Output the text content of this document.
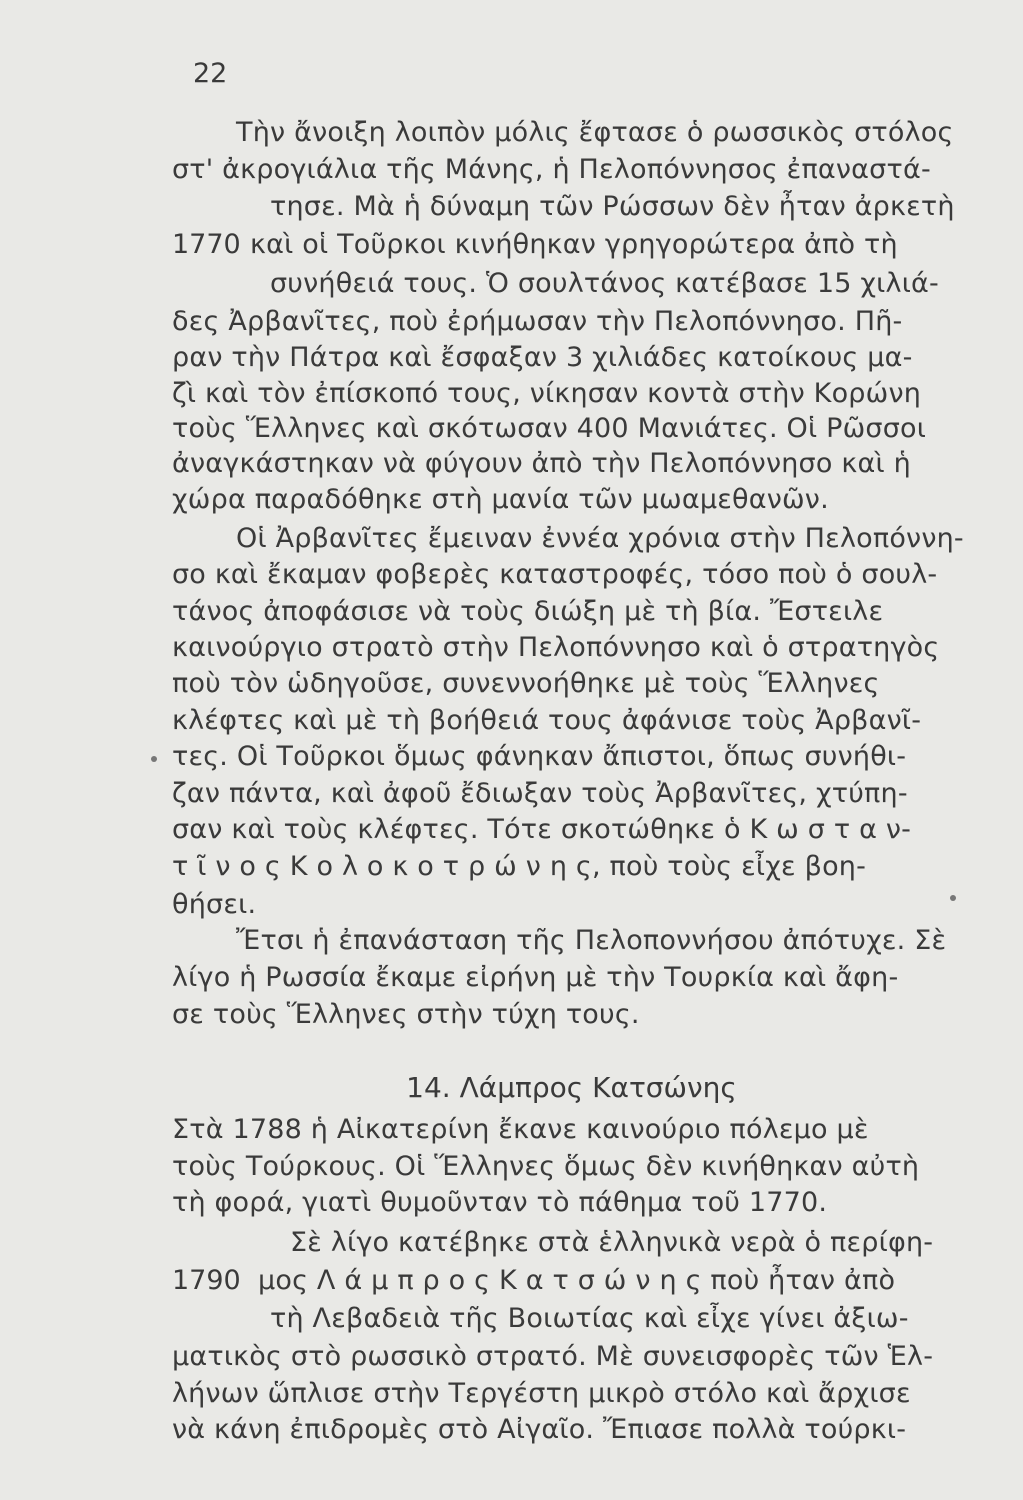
22
Τὴν ἄνοιξη λοιπὸν μόλις ἔφτασε ὁ ρωσσικὸς στόλος
στ' ἀκρογιάλια τῆς Μάνης, ἡ Πελοπόννησος ἐπαναστά-
τησε. Μὰ ἡ δύναμη τῶν Ρώσσων δὲν ἦταν ἀρκετὴ
1770 καὶ οἱ Τοῦρκοι κινήθηκαν γρηγορώτερα ἀπὸ τὴ
συνήθειά τους. Ὁ σουλτάνος κατέβασε 15 χιλιά-
δες Ἀρβανῖτες, ποὺ ἐρήμωσαν τὴν Πελοπόννησο. Πῆ-
ραν τὴν Πάτρα καὶ ἔσφαξαν 3 χιλιάδες κατοίκους μα-
ζὶ καὶ τὸν ἐπίσκοπό τους, νίκησαν κοντὰ στὴν Κορώνη
τοὺς Ἕλληνες καὶ σκότωσαν 400 Μανιάτες. Οἱ Ρῶσσοι
ἀναγκάστηκαν νὰ φύγουν ἀπὸ τὴν Πελοπόννησο καὶ ἡ
χώρα παραδόθηκε στὴ μανία τῶν μωαμεθανῶν.
Οἱ Ἀρβανῖτες ἔμειναν ἐννέα χρόνια στὴν Πελοπόννη-
σο καὶ ἔκαμαν φοβερὲς καταστροφές, τόσο ποὺ ὁ σουλ-
τάνος ἀποφάσισε νὰ τοὺς διώξη μὲ τὴ βία. Ἔστειλε
καινούργιο στρατὸ στὴν Πελοπόννησο καὶ ὁ στρατηγὸς
ποὺ τὸν ὡδηγοῦσε, συνεννοήθηκε μὲ τοὺς Ἕλληνες
κλέφτες καὶ μὲ τὴ βοήθειά τους ἀφάνισε τοὺς Ἀρβανῖ-
τες. Οἱ Τοῦρκοι ὅμως φάνηκαν ἄπιστοι, ὅπως συνήθι-
ζαν πάντα, καὶ ἀφοῦ ἔδιωξαν τοὺς Ἀρβανῖτες, χτύπη-
σαν καὶ τοὺς κλέφτες. Τότε σκοτώθηκε ὁ Κ ω σ τ α ν-
τ ῖ ν ο ς Κ ο λ ο κ ο τ ρ ώ ν η ς, ποὺ τοὺς εἶχε βοη-
θήσει.
Ἔτσι ἡ ἐπανάσταση τῆς Πελοποννήσου ἀπότυχε. Σὲ
λίγο ἡ Ρωσσία ἔκαμε εἰρήνη μὲ τὴν Τουρκία καὶ ἄφη-
σε τοὺς Ἕλληνες στὴν τύχη τους.
14. Λάμπρος Κατσώνης
Στὰ 1788 ἡ Αἰκατερίνη ἔκανε καινούριο πόλεμο μὲ
τοὺς Τούρκους. Οἱ Ἕλληνες ὅμως δὲν κινήθηκαν αὐτὴ
τὴ φορά, γιατὶ θυμοῦνταν τὸ πάθημα τοῦ 1770.
Σὲ λίγο κατέβηκε στὰ ἑλληνικὰ νερὰ ὁ περίφη-
1790 μος Λ ά μ π ρ ο ς Κ α τ σ ώ ν η ς ποὺ ἦταν ἀπὸ
τὴ Λεβαδειὰ τῆς Βοιωτίας καὶ εἶχε γίνει ἀξιω-
ματικὸς στὸ ρωσσικὸ στρατό. Μὲ συνεισφορὲς τῶν Ἑλ-
λήνων ὥπλισε στὴν Τεργέστη μικρὸ στόλο καὶ ἄρχισε
νὰ κάνη ἐπιδρομὲς στὸ Αἰγαῖο. Ἔπιασε πολλὰ τούρκι-
